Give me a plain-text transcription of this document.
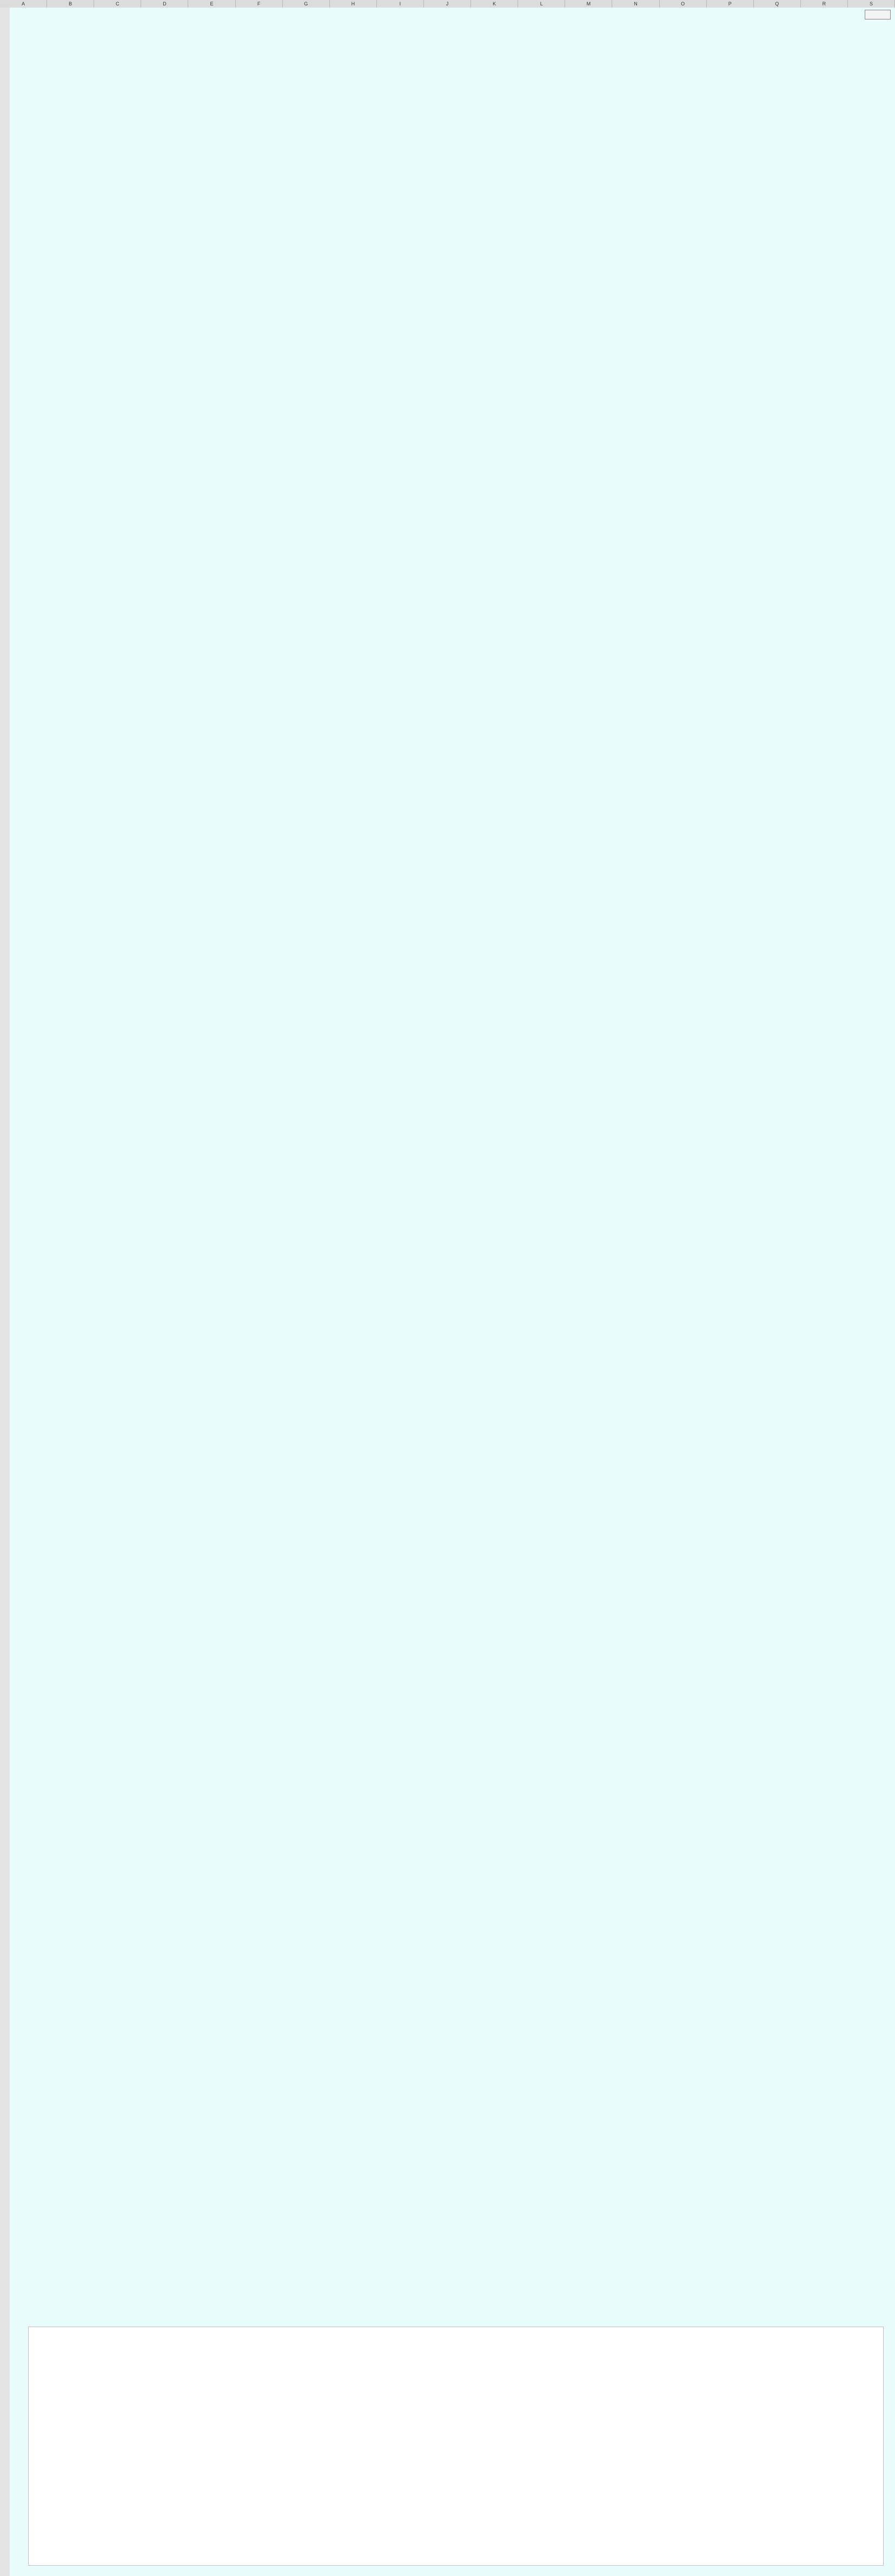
A	B	C	D	E	F	G	H	I	J	K	L	M	N	O	P	Q	R	S
